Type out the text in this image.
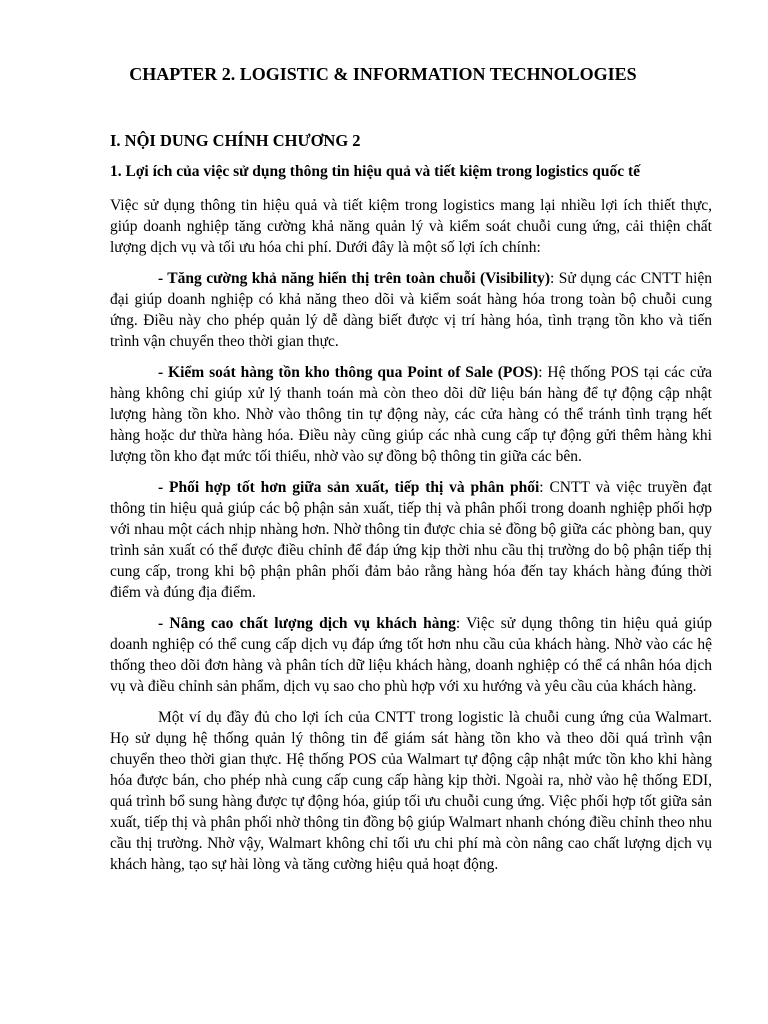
CHAPTER 2. LOGISTIC & INFORMATION TECHNOLOGIES
I. NỘI DUNG CHÍNH CHƯƠNG 2
1. Lợi ích của việc sử dụng thông tin hiệu quả và tiết kiệm trong logistics quốc tế

Việc sử dụng thông tin hiệu quả và tiết kiệm trong logistics mang lại nhiều lợi ích thiết thực, giúp doanh nghiệp tăng cường khả năng quản lý và kiểm soát chuỗi cung ứng, cải thiện chất lượng dịch vụ và tối ưu hóa chi phí. Dưới đây là một số lợi ích chính:

- Tăng cường khả năng hiển thị trên toàn chuỗi (Visibility): Sử dụng các CNTT hiện đại giúp doanh nghiệp có khả năng theo dõi và kiểm soát hàng hóa trong toàn bộ chuỗi cung ứng. Điều này cho phép quản lý dễ dàng biết được vị trí hàng hóa, tình trạng tồn kho và tiến trình vận chuyển theo thời gian thực.

- Kiểm soát hàng tồn kho thông qua Point of Sale (POS): Hệ thống POS tại các cửa hàng không chỉ giúp xử lý thanh toán mà còn theo dõi dữ liệu bán hàng để tự động cập nhật lượng hàng tồn kho. Nhờ vào thông tin tự động này, các cửa hàng có thể tránh tình trạng hết hàng hoặc dư thừa hàng hóa. Điều này cũng giúp các nhà cung cấp tự động gửi thêm hàng khi lượng tồn kho đạt mức tối thiểu, nhờ vào sự đồng bộ thông tin giữa các bên.

- Phối hợp tốt hơn giữa sản xuất, tiếp thị và phân phối: CNTT và việc truyền đạt thông tin hiệu quả giúp các bộ phận sản xuất, tiếp thị và phân phối trong doanh nghiệp phối hợp với nhau một cách nhịp nhàng hơn. Nhờ thông tin được chia sẻ đồng bộ giữa các phòng ban, quy trình sản xuất có thể được điều chỉnh để đáp ứng kịp thời nhu cầu thị trường do bộ phận tiếp thị cung cấp, trong khi bộ phận phân phối đảm bảo rằng hàng hóa đến tay khách hàng đúng thời điểm và đúng địa điểm.

- Nâng cao chất lượng dịch vụ khách hàng: Việc sử dụng thông tin hiệu quả giúp doanh nghiệp có thể cung cấp dịch vụ đáp ứng tốt hơn nhu cầu của khách hàng. Nhờ vào các hệ thống theo dõi đơn hàng và phân tích dữ liệu khách hàng, doanh nghiệp có thể cá nhân hóa dịch vụ và điều chỉnh sản phẩm, dịch vụ sao cho phù hợp với xu hướng và yêu cầu của khách hàng.

Một ví dụ đầy đủ cho lợi ích của CNTT trong logistic là chuỗi cung ứng của Walmart. Họ sử dụng hệ thống quản lý thông tin để giám sát hàng tồn kho và theo dõi quá trình vận chuyển theo thời gian thực. Hệ thống POS của Walmart tự động cập nhật mức tồn kho khi hàng hóa được bán, cho phép nhà cung cấp cung cấp hàng kịp thời. Ngoài ra, nhờ vào hệ thống EDI, quá trình bổ sung hàng được tự động hóa, giúp tối ưu chuỗi cung ứng. Việc phối hợp tốt giữa sản xuất, tiếp thị và phân phối nhờ thông tin đồng bộ giúp Walmart nhanh chóng điều chỉnh theo nhu cầu thị trường. Nhờ vậy, Walmart không chỉ tối ưu chi phí mà còn nâng cao chất lượng dịch vụ khách hàng, tạo sự hài lòng và tăng cường hiệu quả hoạt động.
